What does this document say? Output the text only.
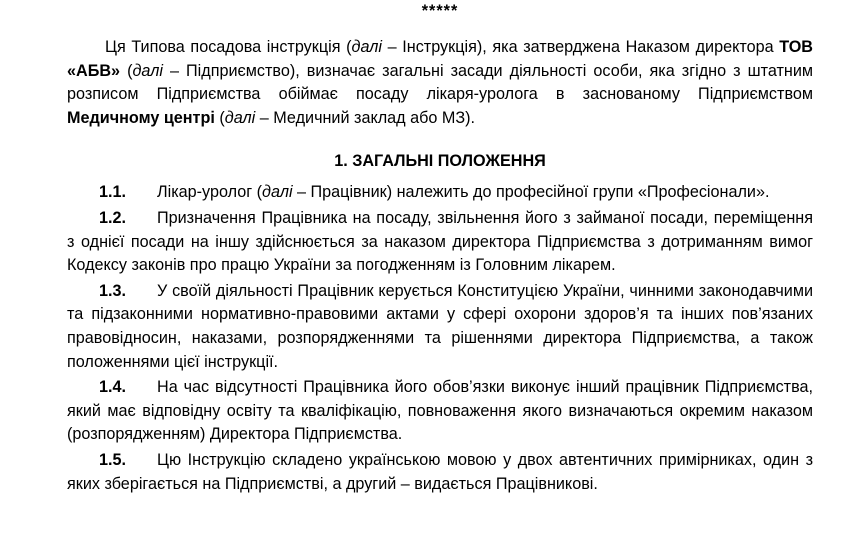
*****

Ця Типова посадова інструкція (далі – Інструкція), яка затверджена Наказом директора ТОВ «АБВ» (далі – Підприємство), визначає загальні засади діяльності особи, яка згідно з штатним розписом Підприємства обіймає посаду лікаря-уролога в заснованому Підприємством Медичному центрі (далі – Медичний заклад або МЗ).

1. ЗАГАЛЬНІ ПОЛОЖЕННЯ

1.1. Лікар-уролог (далі – Працівник) належить до професійної групи «Професіонали».

1.2. Призначення Працівника на посаду, звільнення його з займаної посади, переміщення з однієї посади на іншу здійснюється за наказом директора Підприємства з дотриманням вимог Кодексу законів про працю України за погодженням із Головним лікарем.

1.3. У своїй діяльності Працівник керується Конституцією України, чинними законодавчими та підзаконними нормативно-правовими актами у сфері охорони здоров’я та інших пов’язаних правовідносин, наказами, розпорядженнями та рішеннями директора Підприємства, а також положеннями цієї інструкції.

1.4. На час відсутності Працівника його обов’язки виконує інший працівник Підприємства, який має відповідну освіту та кваліфікацію, повноваження якого визначаються окремим наказом (розпорядженням) Директора Підприємства.

1.5. Цю Інструкцію складено українською мовою у двох автентичних примірниках, один з яких зберігається на Підприємстві, а другий – видається Працівникові.
